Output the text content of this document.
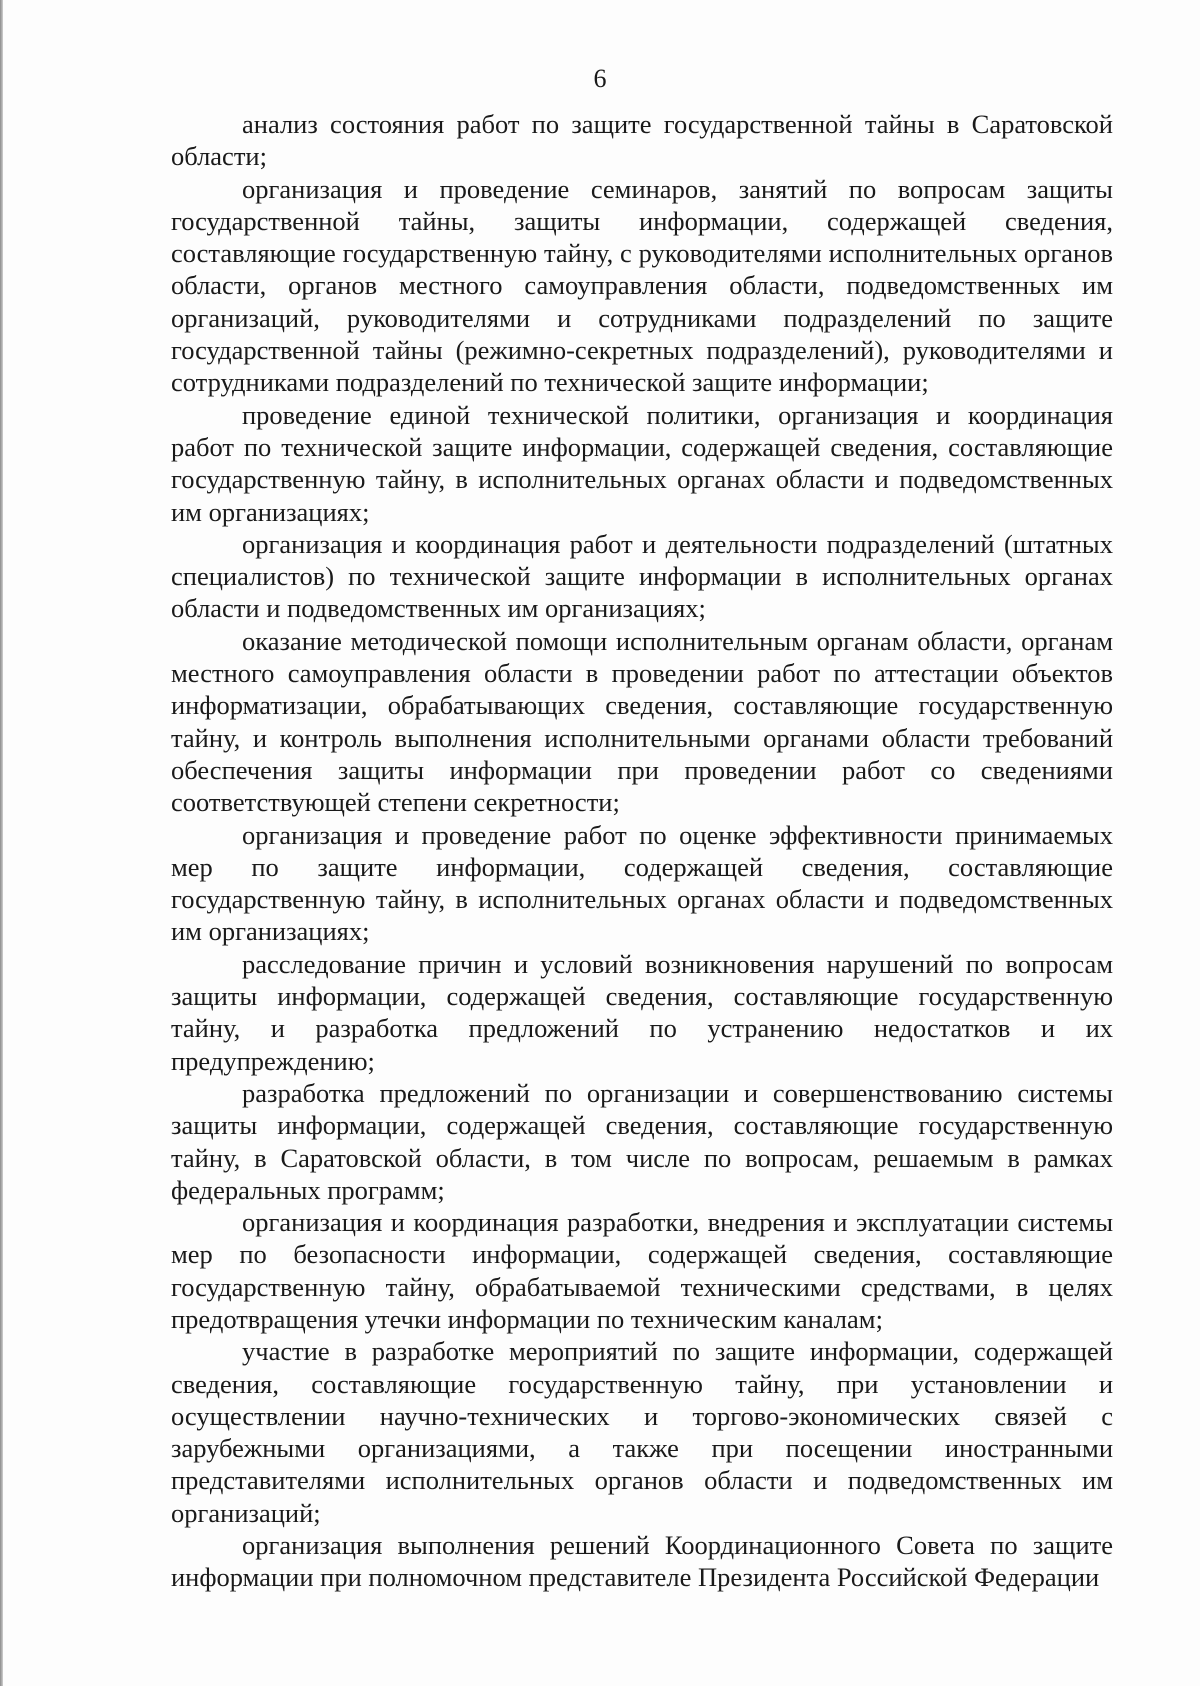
6

анализ состояния работ по защите государственной тайны в Саратовской области;

организация и проведение семинаров, занятий по вопросам защиты государственной тайны, защиты информации, содержащей сведения, составляющие государственную тайну, с руководителями исполнительных органов области, органов местного самоуправления области, подведомственных им организаций, руководителями и сотрудниками подразделений по защите государственной тайны (режимно-секретных подразделений), руководителями и сотрудниками подразделений по технической защите информации;

проведение единой технической политики, организация и координация работ по технической защите информации, содержащей сведения, составляющие государственную тайну, в исполнительных органах области и подведомственных им организациях;

организация и координация работ и деятельности подразделений (штатных специалистов) по технической защите информации в исполнительных органах области и подведомственных им организациях;

оказание методической помощи исполнительным органам области, органам местного самоуправления области в проведении работ по аттестации объектов информатизации, обрабатывающих сведения, составляющие государственную тайну, и контроль выполнения исполнительными органами области требований обеспечения защиты информации при проведении работ со сведениями соответствующей степени секретности;

организация и проведение работ по оценке эффективности принимаемых мер по защите информации, содержащей сведения, составляющие государственную тайну, в исполнительных органах области и подведомственных им организациях;

расследование причин и условий возникновения нарушений по вопросам защиты информации, содержащей сведения, составляющие государственную тайну, и разработка предложений по устранению недостатков и их предупреждению;

разработка предложений по организации и совершенствованию системы защиты информации, содержащей сведения, составляющие государственную тайну, в Саратовской области, в том числе по вопросам, решаемым в рамках федеральных программ;

организация и координация разработки, внедрения и эксплуатации системы мер по безопасности информации, содержащей сведения, составляющие государственную тайну, обрабатываемой техническими средствами, в целях предотвращения утечки информации по техническим каналам;

участие в разработке мероприятий по защите информации, содержащей сведения, составляющие государственную тайну, при установлении и осуществлении научно-технических и торгово-экономических связей с зарубежными организациями, а также при посещении иностранными представителями исполнительных органов области и подведомственных им организаций;

организация выполнения решений Координационного Совета по защите информации при полномочном представителе Президента Российской Федерации
